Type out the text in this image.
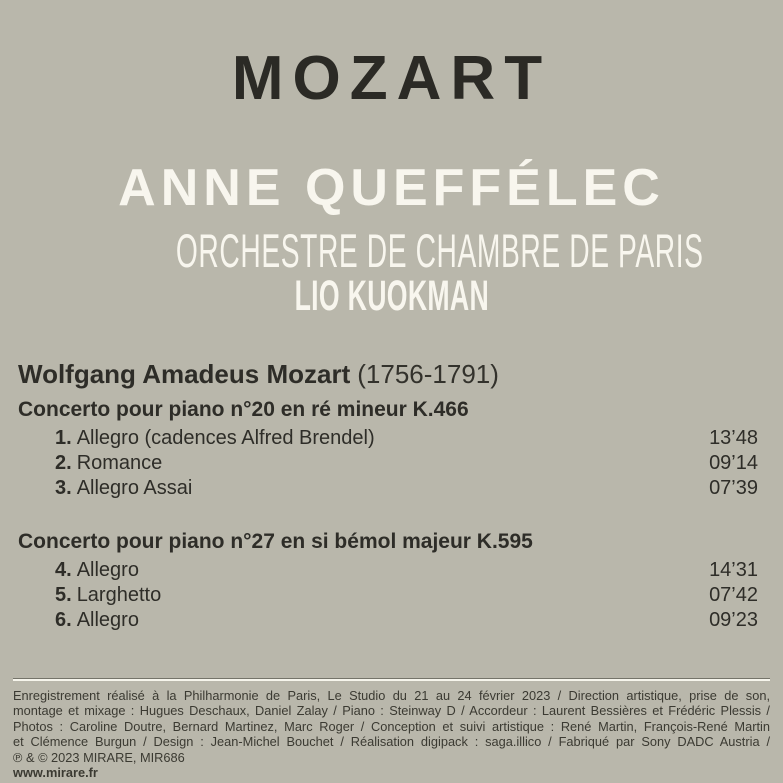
MOZART
ANNE QUEFFÉLEC
ORCHESTRE DE CHAMBRE DE PARIS
LIO KUOKMAN
Wolfgang Amadeus Mozart (1756-1791)
Concerto pour piano n°20 en ré mineur K.466
1. Allegro (cadences Alfred Brendel)	13’48
2. Romance	09’14
3. Allegro Assai	07’39
Concerto pour piano n°27 en si bémol majeur K.595
4. Allegro	14’31
5. Larghetto	07’42
6. Allegro	09’23
Enregistrement réalisé à la Philharmonie de Paris, Le Studio du 21 au 24 février 2023 / Direction artistique, prise de son,
montage et mixage : Hugues Deschaux, Daniel Zalay / Piano : Steinway D / Accordeur : Laurent Bessières et Frédéric Plessis /
Photos : Caroline Doutre, Bernard Martinez, Marc Roger / Conception et suivi artistique : René Martin, François-René Martin
et Clémence Burgun / Design : Jean-Michel Bouchet / Réalisation digipack : saga.illico / Fabriqué par Sony DADC Austria /
℗ & © 2023 MIRARE, MIR686
www.mirare.fr
